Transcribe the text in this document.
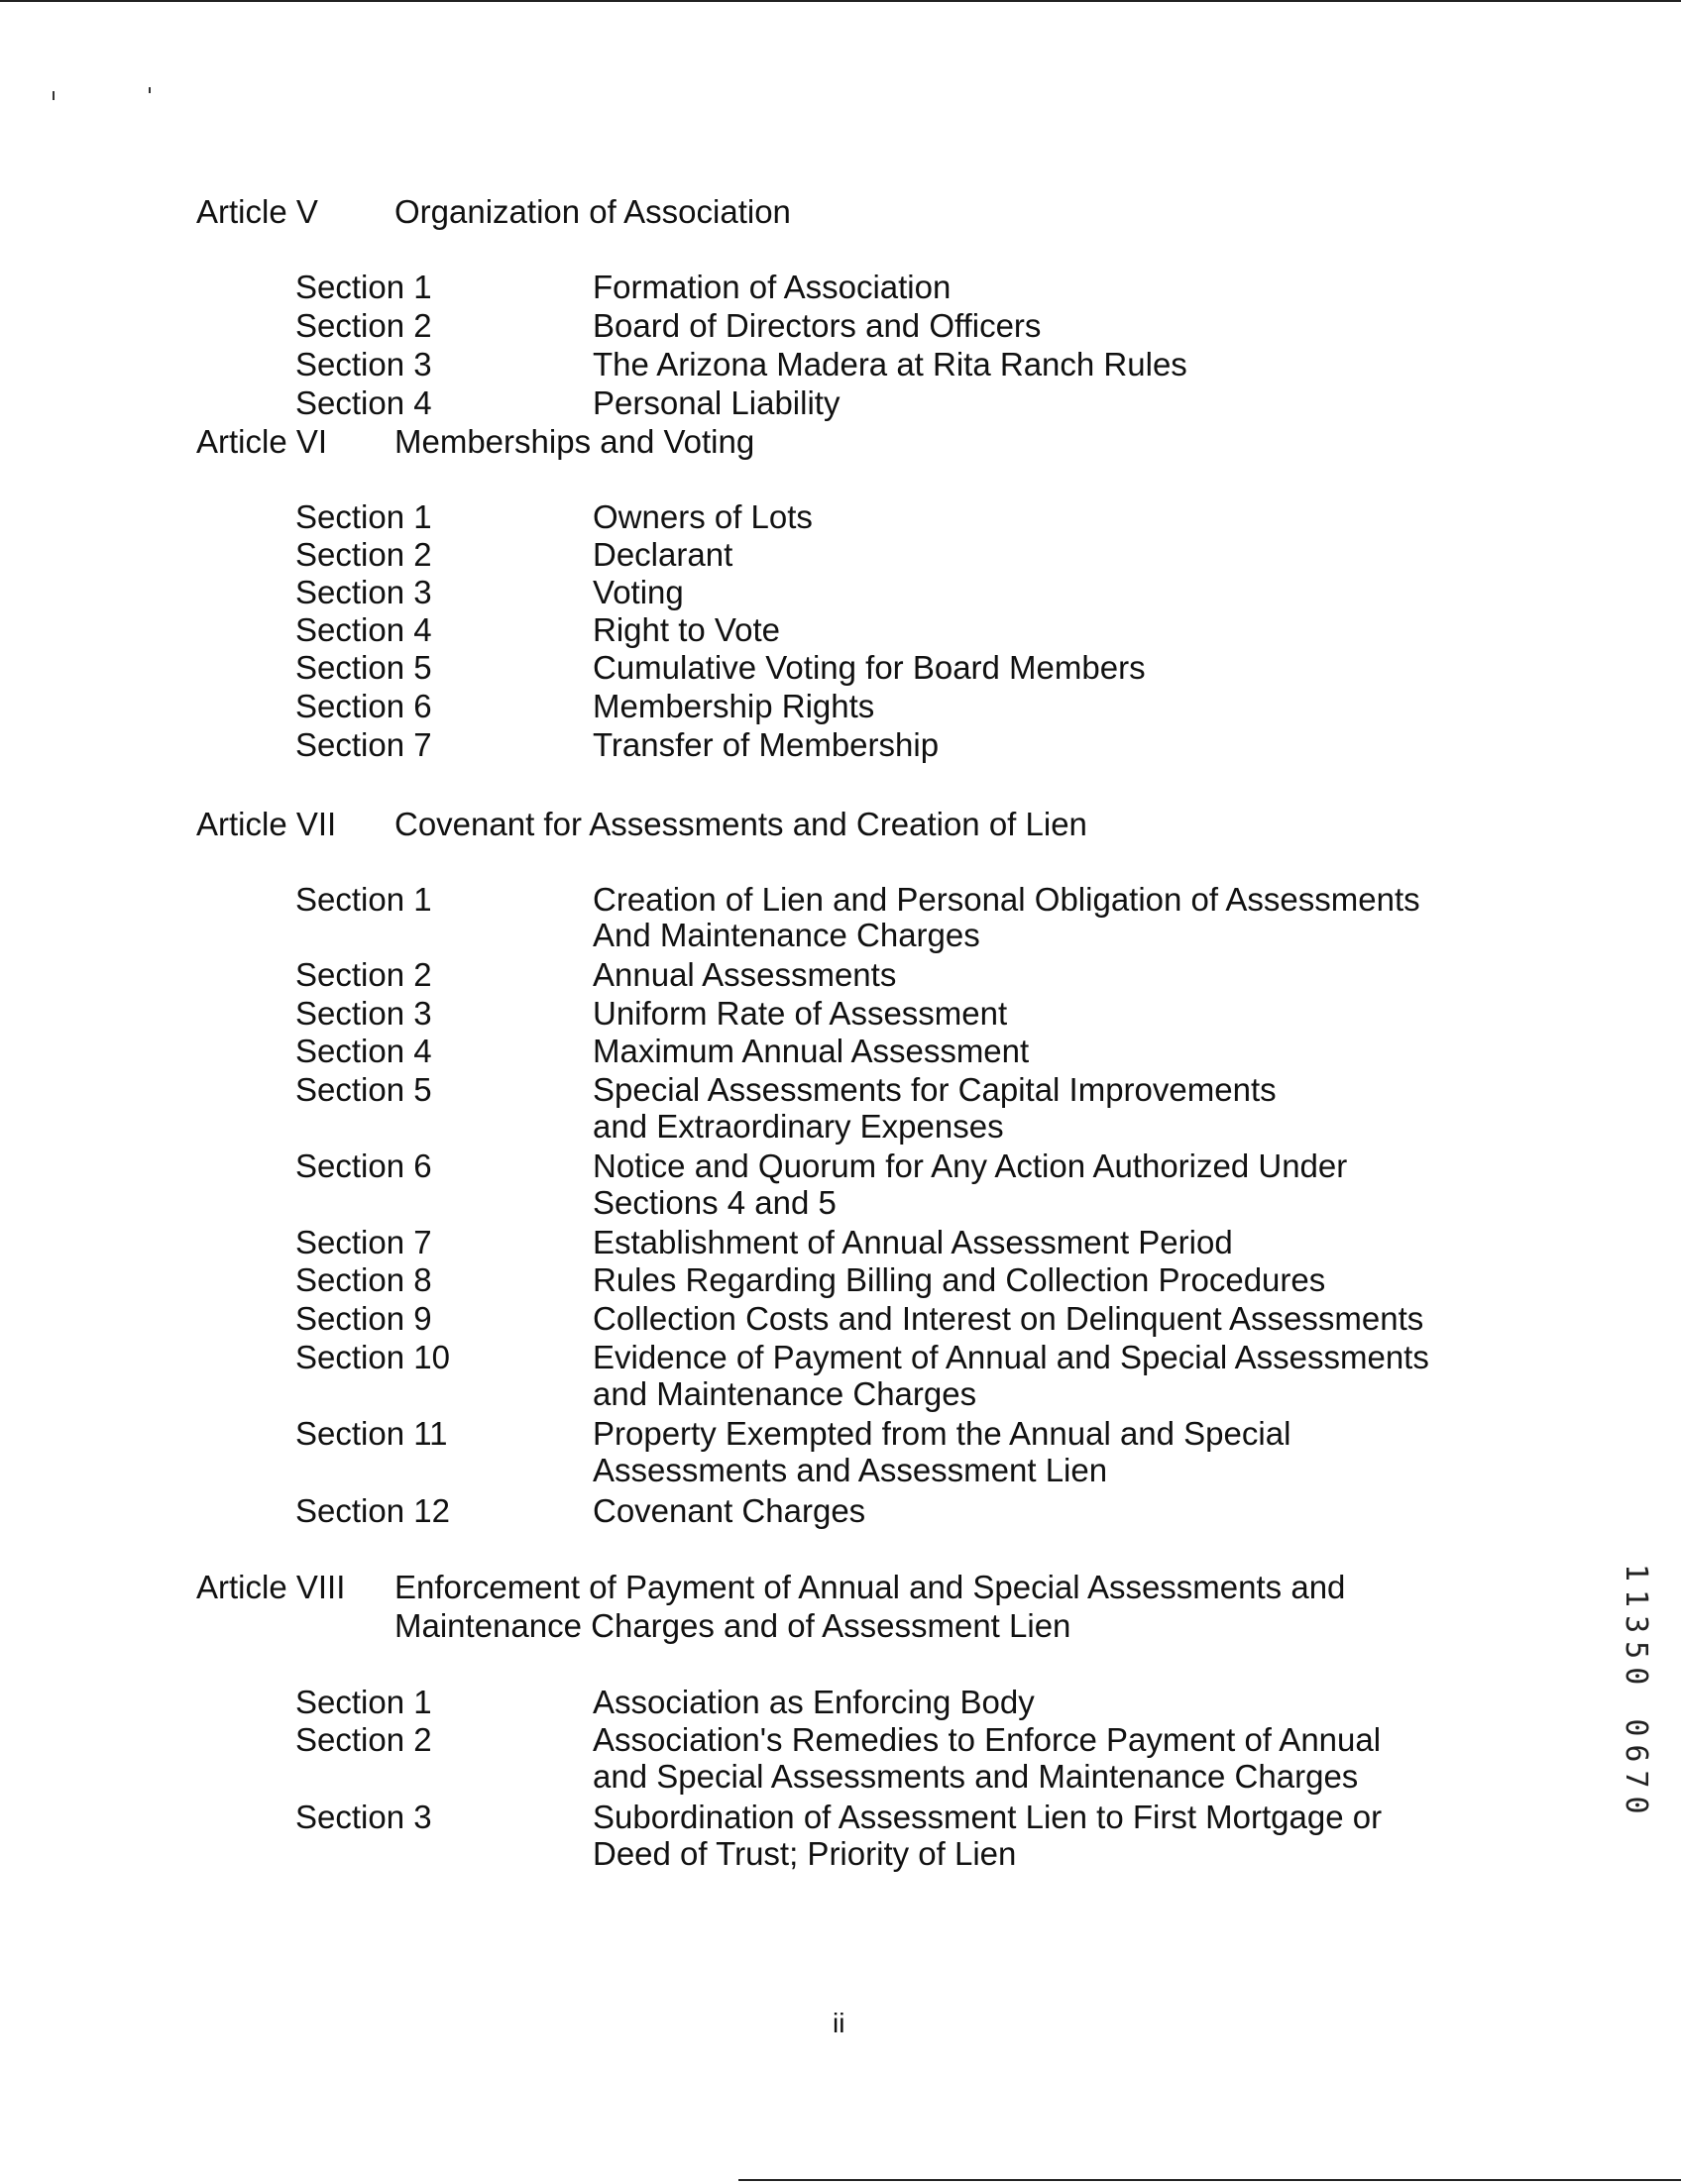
Article V Organization of Association
Section 1	Formation of Association
Section 2	Board of Directors and Officers
Section 3	The Arizona Madera at Rita Ranch Rules
Section 4	Personal Liability
Article VI Memberships and Voting
Section 1	Owners of Lots
Section 2	Declarant
Section 3	Voting
Section 4	Right to Vote
Section 5	Cumulative Voting for Board Members
Section 6	Membership Rights
Section 7	Transfer of Membership
Article VII Covenant for Assessments and Creation of Lien
Section 1	Creation of Lien and Personal Obligation of Assessments
And Maintenance Charges
Section 2	Annual Assessments
Section 3	Uniform Rate of Assessment
Section 4	Maximum Annual Assessment
Section 5	Special Assessments for Capital Improvements
and Extraordinary Expenses
Section 6	Notice and Quorum for Any Action Authorized Under
Sections 4 and 5
Section 7	Establishment of Annual Assessment Period
Section 8	Rules Regarding Billing and Collection Procedures
Section 9	Collection Costs and Interest on Delinquent Assessments
Section 10	Evidence of Payment of Annual and Special Assessments
and Maintenance Charges
Section 11	Property Exempted from the Annual and Special
Assessments and Assessment Lien
Section 12	Covenant Charges
Article VIII Enforcement of Payment of Annual and Special Assessments and
Maintenance Charges and of Assessment Lien
Section 1	Association as Enforcing Body
Section 2	Association's Remedies to Enforce Payment of Annual
and Special Assessments and Maintenance Charges
Section 3	Subordination of Assessment Lien to First Mortgage or
Deed of Trust; Priority of Lien
11350 0670
ii
